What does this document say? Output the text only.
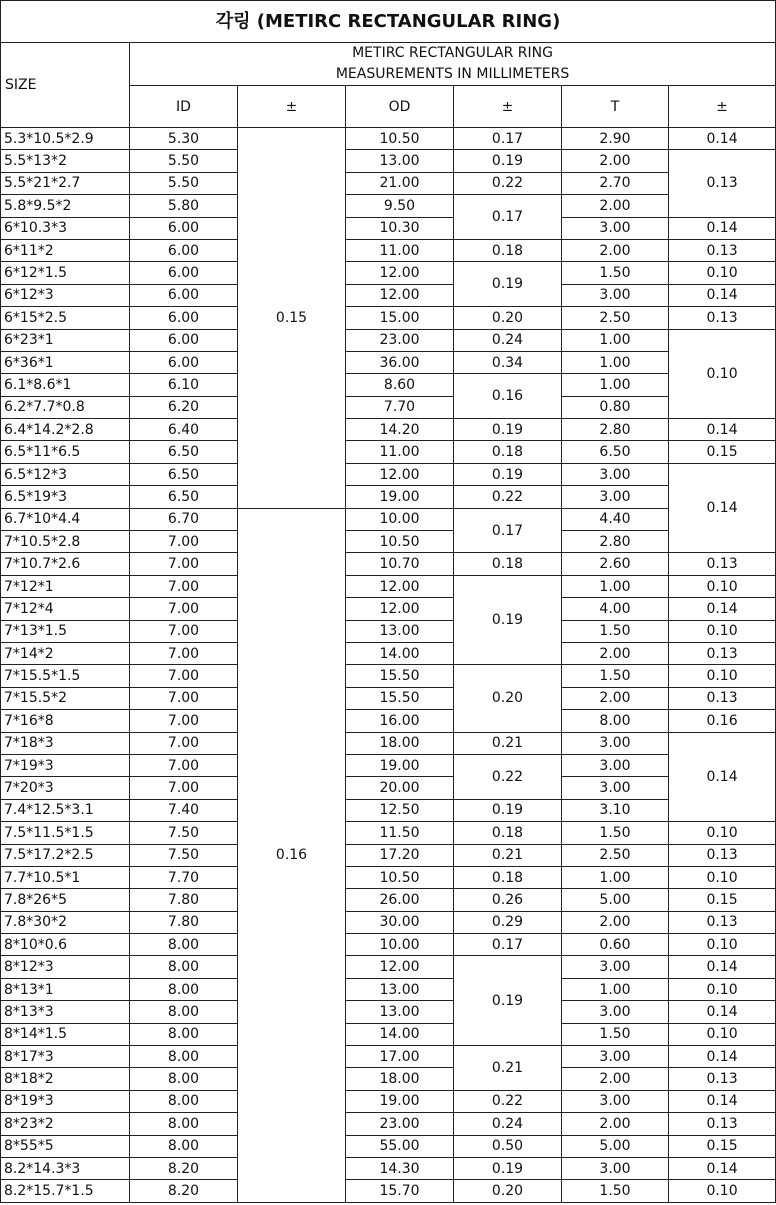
각링 (METIRC RECTANGULAR RING)						
SIZE	METIRC RECTANGULAR RING
MEASUREMENTS IN MILLIMETERS					

	ID	±	OD	±	T	±
5.3*10.5*2.9	5.30	0.15	10.50	0.17	2.90	0.14
5.5*13*2	5.50		13.00	0.19	2.00	0.13
5.5*21*2.7	5.50		21.00	0.22	2.70	
5.8*9.5*2	5.80		9.50	0.17	2.00	
6*10.3*3	6.00		10.30		3.00	0.14
6*11*2	6.00		11.00	0.18	2.00	0.13
6*12*1.5	6.00		12.00	0.19	1.50	0.10
6*12*3	6.00		12.00		3.00	0.14
6*15*2.5	6.00		15.00	0.20	2.50	0.13
6*23*1	6.00		23.00	0.24	1.00	0.10
6*36*1	6.00		36.00	0.34	1.00	
6.1*8.6*1	6.10		8.60	0.16	1.00	
6.2*7.7*0.8	6.20		7.70		0.80	
6.4*14.2*2.8	6.40		14.20	0.19	2.80	0.14
6.5*11*6.5	6.50		11.00	0.18	6.50	0.15
6.5*12*3	6.50		12.00	0.19	3.00	0.14
6.5*19*3	6.50		19.00	0.22	3.00	
6.7*10*4.4	6.70	0.16	10.00	0.17	4.40	
7*10.5*2.8	7.00		10.50		2.80	
7*10.7*2.6	7.00		10.70	0.18	2.60	0.13
7*12*1	7.00		12.00	0.19	1.00	0.10
7*12*4	7.00		12.00		4.00	0.14
7*13*1.5	7.00		13.00		1.50	0.10
7*14*2	7.00		14.00		2.00	0.13
7*15.5*1.5	7.00		15.50	0.20	1.50	0.10
7*15.5*2	7.00		15.50		2.00	0.13
7*16*8	7.00		16.00		8.00	0.16
7*18*3	7.00		18.00	0.21	3.00	0.14
7*19*3	7.00		19.00	0.22	3.00	
7*20*3	7.00		20.00		3.00	
7.4*12.5*3.1	7.40		12.50	0.19	3.10	
7.5*11.5*1.5	7.50		11.50	0.18	1.50	0.10
7.5*17.2*2.5	7.50		17.20	0.21	2.50	0.13
7.7*10.5*1	7.70		10.50	0.18	1.00	0.10
7.8*26*5	7.80		26.00	0.26	5.00	0.15
7.8*30*2	7.80		30.00	0.29	2.00	0.13
8*10*0.6	8.00		10.00	0.17	0.60	0.10
8*12*3	8.00		12.00	0.19	3.00	0.14
8*13*1	8.00		13.00		1.00	0.10
8*13*3	8.00		13.00		3.00	0.14
8*14*1.5	8.00		14.00		1.50	0.10
8*17*3	8.00		17.00	0.21	3.00	0.14
8*18*2	8.00		18.00		2.00	0.13
8*19*3	8.00		19.00	0.22	3.00	0.14
8*23*2	8.00		23.00	0.24	2.00	0.13
8*55*5	8.00		55.00	0.50	5.00	0.15
8.2*14.3*3	8.20		14.30	0.19	3.00	0.14
8.2*15.7*1.5	8.20		15.70	0.20	1.50	0.10
